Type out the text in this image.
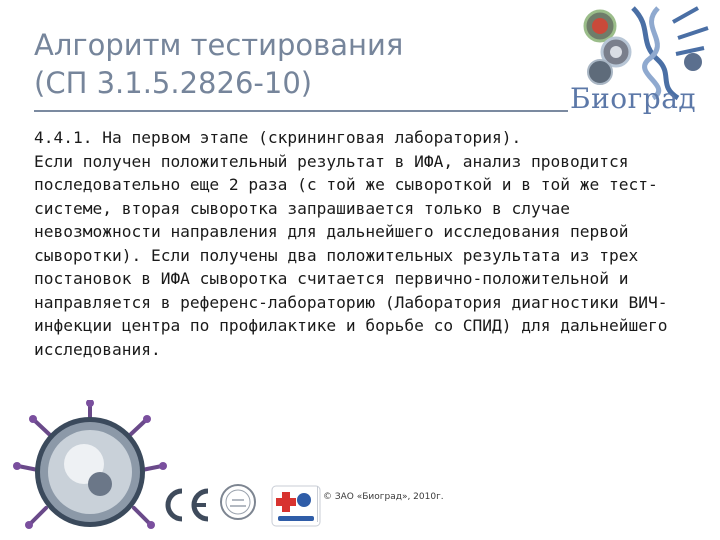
Алгоритм тестирования
(СП 3.1.5.2826-10)	Биоград

4.4.1. На первом этапе (скрининговая лаборатория).

Если получен положительный результат в ИФА, анализ проводится последовательно еще 2 раза (с той же сывороткой и в той же тест-системе, вторая сыворотка запрашивается только в случае невозможности направления для дальнейшего исследования первой сыворотки). Если получены два положительных результата из трех постановок в ИФА сыворотка считается первично-положительной и направляется в референс-лабораторию (Лаборатория диагностики ВИЧ-инфекции центра по профилактике и борьбе со СПИД) для дальнейшего исследования.

© ЗАО «Биоград», 2010г.
